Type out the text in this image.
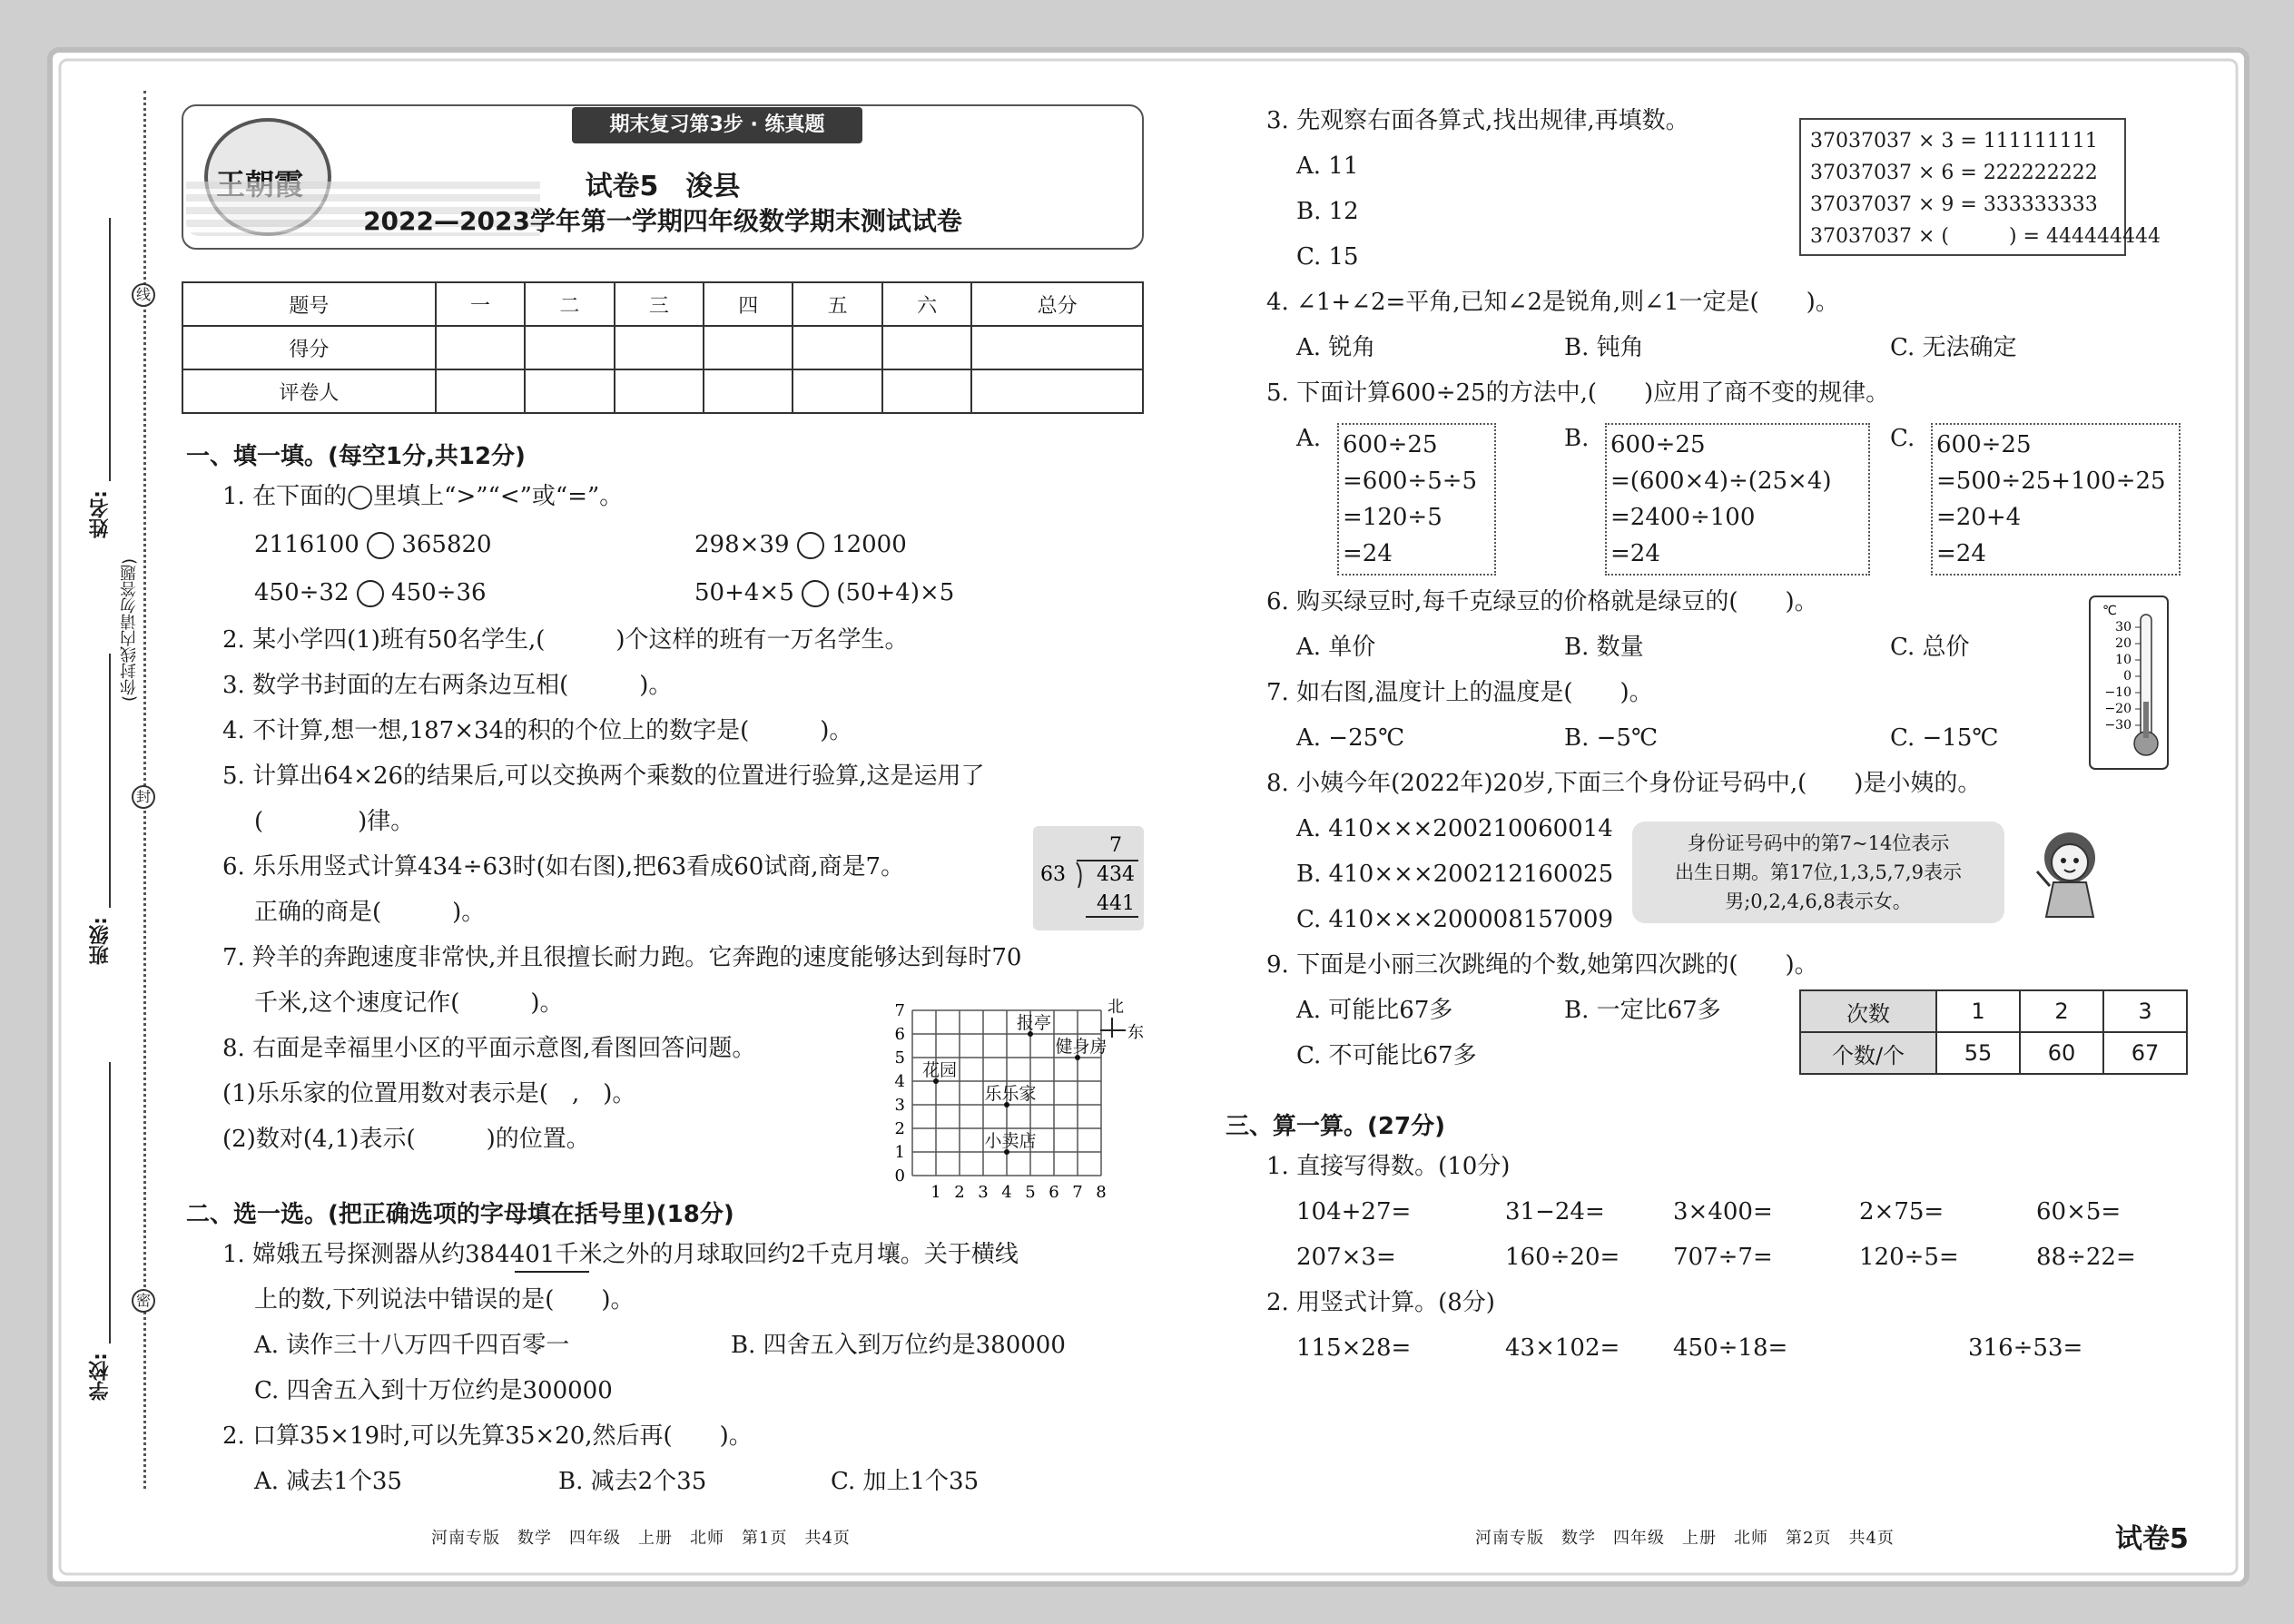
线
封
密
(你封线内请勿答题)
姓名:
班级:
学校:
期末复习第3步 · 练真题
试卷5　浚县
2022—2023学年第一学期四年级数学期末测试试卷
题号	一	二	三	四	五	六	总分
得分							
评卷人							
一、填一填。(每空1分,共12分)
1. 在下面的◯里填上“>”“<”或“=”。
2116100 365820	298×39 12000
450÷32 450÷36	50+4×5 (50+4)×5
2. 某小学四(1)班有50名学生,(　　　)个这样的班有一万名学生。
3. 数学书封面的左右两条边互相(　　　)。
4. 不计算,想一想,187×34的积的个位上的数字是(　　　)。
5. 计算出64×26的结果后,可以交换两个乘数的位置进行验算,这是运用了
(　　　　)律。
6. 乐乐用竖式计算434÷63时(如右图),把63看成60试商,商是7。
正确的商是(　　　)。
7
63 434
441
7. 羚羊的奔跑速度非常快,并且很擅长耐力跑。它奔跑的速度能够达到每时70
千米,这个速度记作(　　　)。
8. 右面是幸福里小区的平面示意图,看图回答问题。
(1)乐乐家的位置用数对表示是(　,　)。
(2)数对(4,1)表示(　　　)的位置。
1 2 3 4 5 6 7 8
0
1
2
3
4
5
6
7
报亭
健身房
花园
乐乐家
小卖店
北
东
二、选一选。(把正确选项的字母填在括号里)(18分)
1. 嫦娥五号探测器从约384401千米之外的月球取回约2千克月壤。关于横线
上的数,下列说法中错误的是(　　)。
A. 读作三十八万四千四百零一	B. 四舍五入到万位约是380000
C. 四舍五入到十万位约是300000
2. 口算35×19时,可以先算35×20,然后再(　　)。
A. 减去1个35	B. 减去2个35	C. 加上1个35
河南专版　数学　四年级　上册　北师　第1页　共4页
3. 先观察右面各算式,找出规律,再填数。
A. 11
B. 12
C. 15
37037037 × 3 = 111111111
37037037 × 6 = 222222222
37037037 × 9 = 333333333
37037037 × (　　　) = 444444444
4. ∠1+∠2=平角,已知∠2是锐角,则∠1一定是(　　)。
A. 锐角	B. 钝角	C. 无法确定
5. 下面计算600÷25的方法中,(　　)应用了商不变的规律。
A. 600÷25
=600÷5÷5
=120÷5
=24
B. 600÷25
=(600×4)÷(25×4)
=2400÷100
=24
C. 600÷25
=500÷25+100÷25
=20+4
=24
6. 购买绿豆时,每千克绿豆的价格就是绿豆的(　　)。
A. 单价	B. 数量	C. 总价
7. 如右图,温度计上的温度是(　　)。
A. −25℃	B. −5℃	C. −15℃
℃
30
20
10
0
−10
−20
−30
8. 小姨今年(2022年)20岁,下面三个身份证号码中,(　　)是小姨的。
A. 410×××200210060014
B. 410×××200212160025
C. 410×××200008157009
身份证号码中的第7~14位表示
出生日期。第17位,1,3,5,7,9表示
男;0,2,4,6,8表示女。
9. 下面是小丽三次跳绳的个数,她第四次跳的(　　)。
A. 可能比67多	B. 一定比67多
C. 不可能比67多
次数	1	2	3
个数/个	55	60	67
三、算一算。(27分)
1. 直接写得数。(10分)
104+27=	31−24=	3×400=	2×75=	60×5=
207×3=	160÷20= 707÷7=	120÷5=	88÷22=
2. 用竖式计算。(8分)
115×28=	43×102= 450÷18=	316÷53=
河南专版　数学　四年级　上册　北师　第2页　共4页	试卷5
